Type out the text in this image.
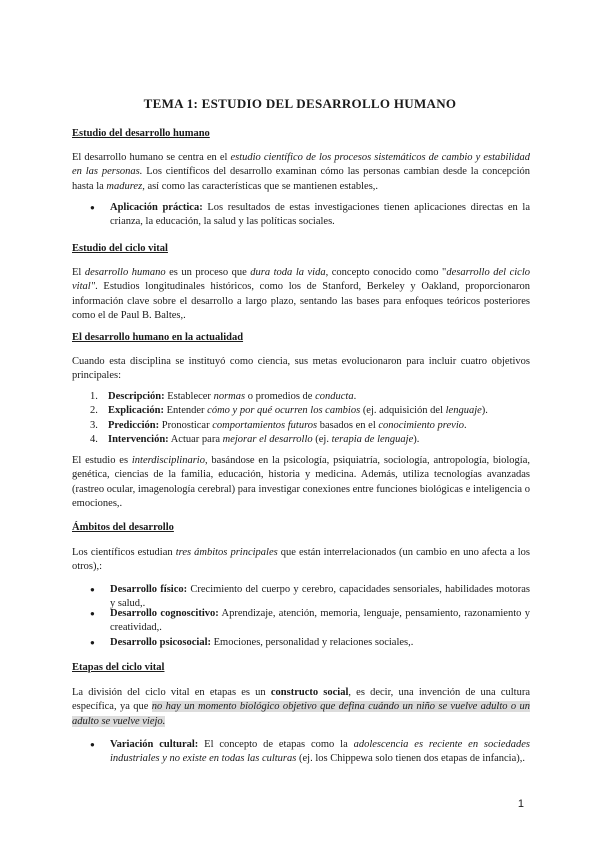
TEMA 1: ESTUDIO DEL DESARROLLO HUMANO
Estudio del desarrollo humano

El desarrollo humano se centra en el estudio científico de los procesos sistemáticos de cambio y estabilidad en las personas. Los científicos del desarrollo examinan cómo las personas cambian desde la concepción hasta la madurez, así como las características que se mantienen estables,.

● Aplicación práctica: Los resultados de estas investigaciones tienen aplicaciones directas en la crianza, la educación, la salud y las políticas sociales.
Estudio del ciclo vital

El desarrollo humano es un proceso que dura toda la vida, concepto conocido como "desarrollo del ciclo vital". Estudios longitudinales históricos, como los de Stanford, Berkeley y Oakland, proporcionaron información clave sobre el desarrollo a largo plazo, sentando las bases para enfoques teóricos posteriores como el de Paul B. Baltes,.

El desarrollo humano en la actualidad

Cuando esta disciplina se instituyó como ciencia, sus metas evolucionaron para incluir cuatro objetivos principales:

1. Descripción: Establecer normas o promedios de conducta.
2. Explicación: Entender cómo y por qué ocurren los cambios (ej. adquisición del lenguaje).
3. Predicción: Pronosticar comportamientos futuros basados en el conocimiento previo.
4. Intervención: Actuar para mejorar el desarrollo (ej. terapia de lenguaje).

El estudio es interdisciplinario, basándose en la psicología, psiquiatría, sociología, antropología, biología, genética, ciencias de la familia, educación, historia y medicina. Además, utiliza tecnologías avanzadas (rastreo ocular, imagenología cerebral) para investigar conexiones entre funciones biológicas e inteligencia o emociones,.

Ámbitos del desarrollo

Los científicos estudian tres ámbitos principales que están interrelacionados (un cambio en uno afecta a los otros),:

● Desarrollo físico: Crecimiento del cuerpo y cerebro, capacidades sensoriales, habilidades motoras y salud,.
● Desarrollo cognoscitivo: Aprendizaje, atención, memoria, lenguaje, pensamiento, razonamiento y creatividad,.
● Desarrollo psicosocial: Emociones, personalidad y relaciones sociales,.
Etapas del ciclo vital

La división del ciclo vital en etapas es un constructo social, es decir, una invención de una cultura específica, ya que no hay un momento biológico objetivo que defina cuándo un niño se vuelve adulto o un adulto se vuelve viejo.

● Variación cultural: El concepto de etapas como la adolescencia es reciente en sociedades industriales y no existe en todas las culturas (ej. los Chippewa solo tienen dos etapas de infancia),.
1
